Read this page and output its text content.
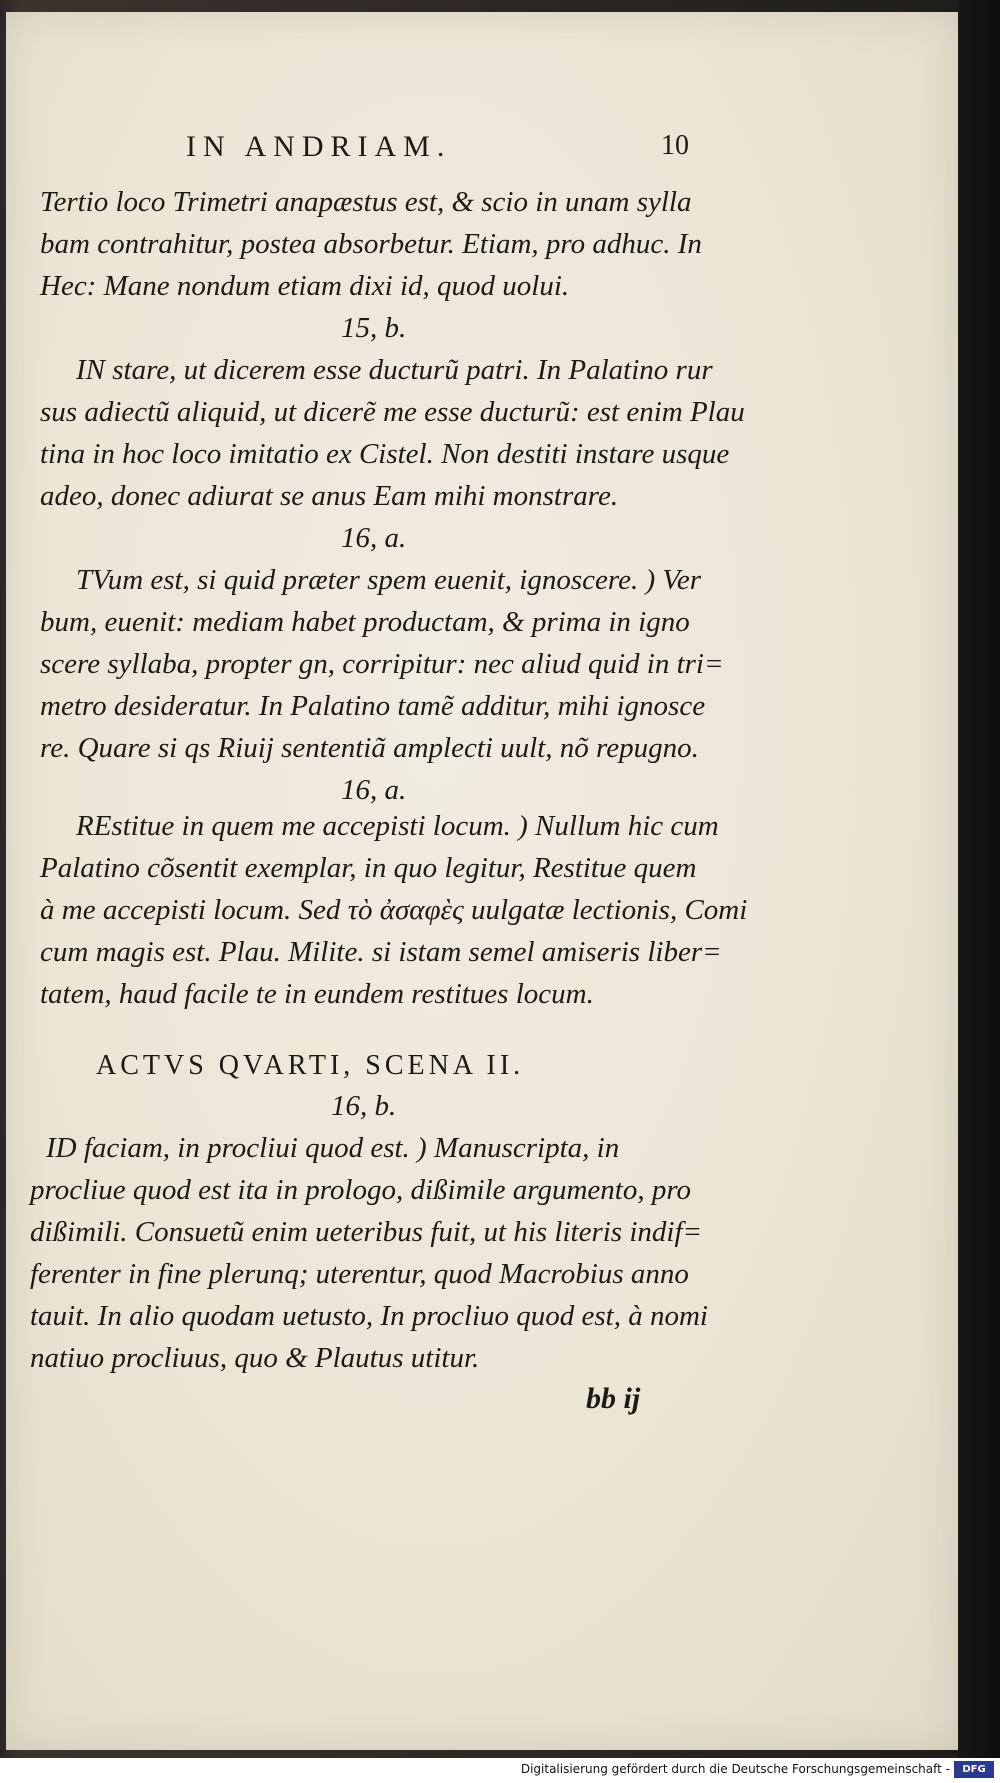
IN ANDRIAM.	10
Tertio loco Trimetri anapæstus est, & scio in unam sylla
bam contrahitur, postea absorbetur. Etiam, pro adhuc. In
Hec: Mane nondum etiam dixi id, quod uolui.
15, b.
IN stare, ut dicerem esse ducturũ patri. In Palatino rur
sus adiectũ aliquid, ut dicerẽ me esse ducturũ: est enim Plau
tina in hoc loco imitatio ex Cistel. Non destiti instare usque
adeo, donec adiurat se anus Eam mihi monstrare.
16, a.
TVum est, si quid præter spem euenit, ignoscere. ) Ver
bum, euenit: mediam habet productam, & prima in igno
scere syllaba, propter gn, corripitur: nec aliud quid in tri=
metro desideratur. In Palatino tamẽ additur, mihi ignosce
re. Quare si qs Riuij sententiã amplecti uult, nõ repugno.
16, a.
REstitue in quem me accepisti locum. ) Nullum hic cum
Palatino cõsentit exemplar, in quo legitur, Restitue quem
à me accepisti locum. Sed τὸ ἀσαφὲς uulgatæ lectionis, Comi
cum magis est. Plau. Milite. si istam semel amiseris liber=
tatem, haud facile te in eundem restitues locum.
ACTVS QVARTI, SCENA II.
16, b.
ID faciam, in procliui quod est. ) Manuscripta, in
procliue quod est ita in prologo, dißimile argumento, pro
dißimili. Consuetũ enim ueteribus fuit, ut his literis indif=
ferenter in fine plerunq; uterentur, quod Macrobius anno
tauit. In alio quodam uetusto, In procliuo quod est, à nomi
natiuo procliuus, quo & Plautus utitur.
bb ij
Digitalisierung gefördert durch die Deutsche Forschungsgemeinschaft -	DFG
